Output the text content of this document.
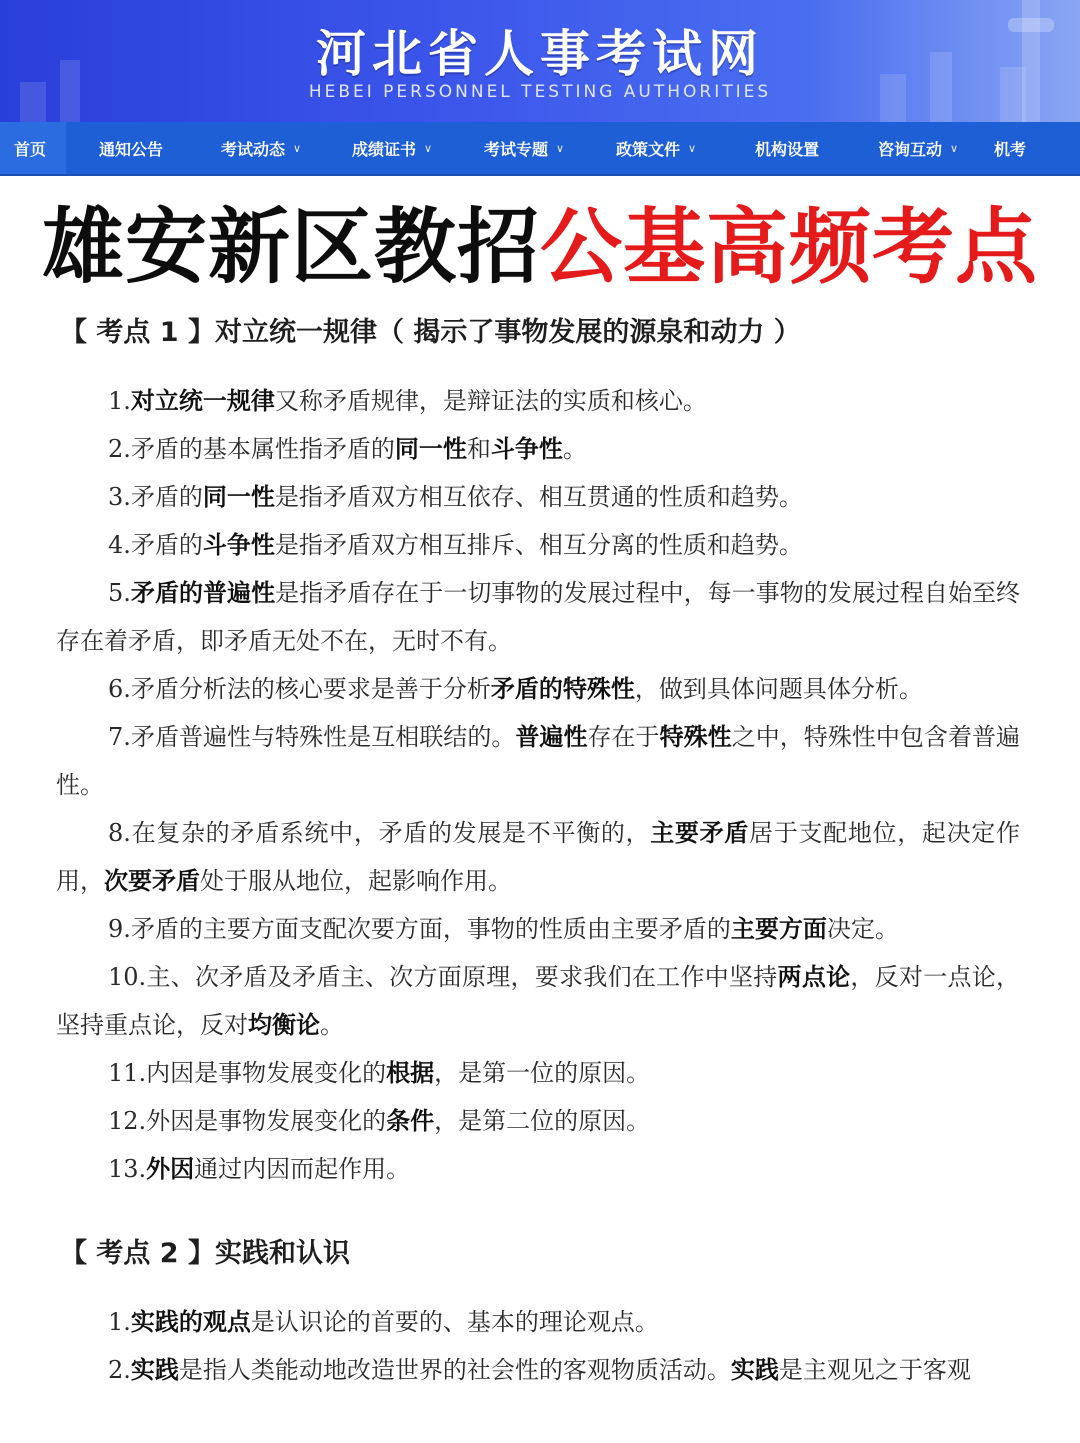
河北省人事考试网
HEBEI PERSONNEL TESTING AUTHORITIES
首页	通知公告	考试动态 ∨	成绩证书 ∨	考试专题 ∨	政策文件 ∨	机构设置	咨询互动 ∨ 机考
雄安新区教招公基高频考点
【 考点 1 】对立统一规律（ 揭示了事物发展的源泉和动力 ）
1.对立统一规律又称矛盾规律，是辩证法的实质和核心。
2.矛盾的基本属性指矛盾的同一性和斗争性。
3.矛盾的同一性是指矛盾双方相互依存、相互贯通的性质和趋势。
4.矛盾的斗争性是指矛盾双方相互排斥、相互分离的性质和趋势。
5.矛盾的普遍性是指矛盾存在于一切事物的发展过程中，每一事物的发展过程自始至终存在着矛盾，即矛盾无处不在，无时不有。
6.矛盾分析法的核心要求是善于分析矛盾的特殊性，做到具体问题具体分析。
7.矛盾普遍性与特殊性是互相联结的。普遍性存在于特殊性之中，特殊性中包含着普遍性。
8.在复杂的矛盾系统中，矛盾的发展是不平衡的，主要矛盾居于支配地位，起决定作用，次要矛盾处于服从地位，起影响作用。
9.矛盾的主要方面支配次要方面，事物的性质由主要矛盾的主要方面决定。
10.主、次矛盾及矛盾主、次方面原理，要求我们在工作中坚持两点论，反对一点论，坚持重点论，反对均衡论。
11.内因是事物发展变化的根据，是第一位的原因。
12.外因是事物发展变化的条件，是第二位的原因。
13.外因通过内因而起作用。
【 考点 2 】实践和认识
1.实践的观点是认识论的首要的、基本的理论观点。
2.实践是指人类能动地改造世界的社会性的客观物质活动。实践是主观见之于客观
